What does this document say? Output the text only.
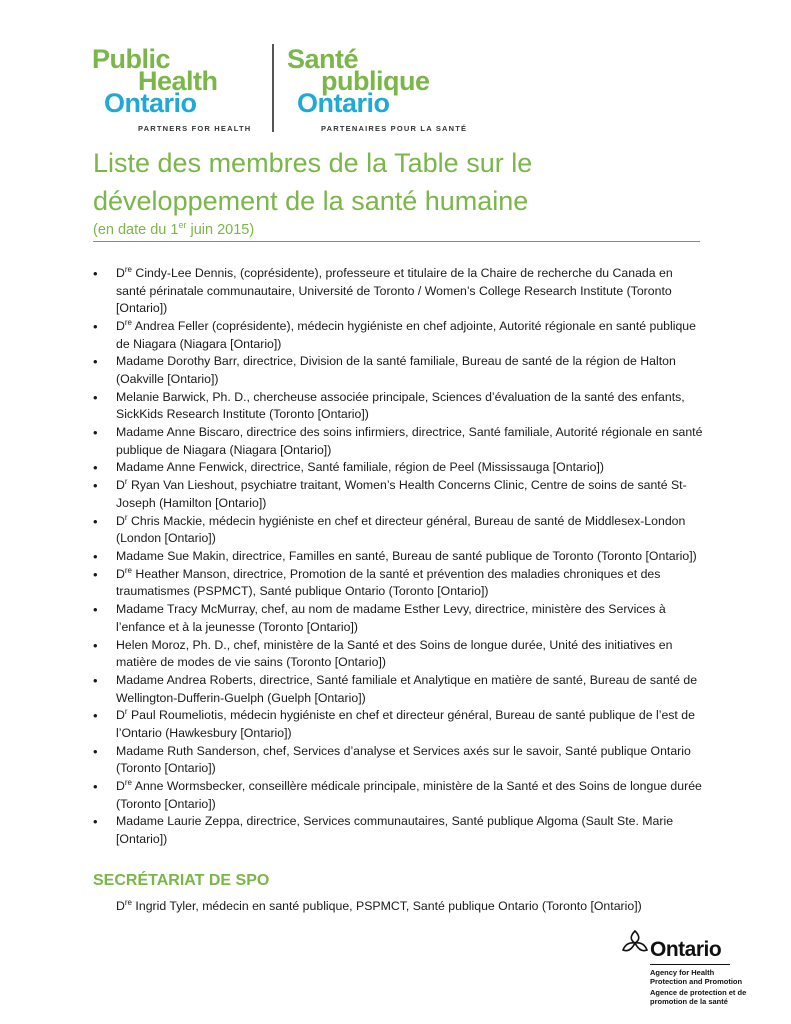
Public
Health
Ontario
PARTNERS FOR HEALTH
Santé
publique
Ontario
PARTENAIRES POUR LA SANTÉ
Liste des membres de la Table sur le développement de la santé humaine
(en date du 1er juin 2015)
• Dre Cindy-Lee Dennis, (coprésidente), professeure et titulaire de la Chaire de recherche du Canada en santé périnatale communautaire, Université de Toronto / Women’s College Research Institute (Toronto [Ontario])
• Dre Andrea Feller (coprésidente), médecin hygiéniste en chef adjointe, Autorité régionale en santé publique de Niagara (Niagara [Ontario])
• Madame Dorothy Barr, directrice, Division de la santé familiale, Bureau de santé de la région de Halton (Oakville [Ontario])
• Melanie Barwick, Ph. D., chercheuse associée principale, Sciences d’évaluation de la santé des enfants, SickKids Research Institute (Toronto [Ontario])
• Madame Anne Biscaro, directrice des soins infirmiers, directrice, Santé familiale, Autorité régionale en santé publique de Niagara (Niagara [Ontario])
• Madame Anne Fenwick, directrice, Santé familiale, région de Peel (Mississauga [Ontario])
• $D^r$ Ryan Van Lieshout, psychiatre traitant, Women’s Health Concerns Clinic, Centre de soins de santé St-Joseph (Hamilton [Ontario])
• $D^r$ Chris Mackie, médecin hygiéniste en chef et directeur général, Bureau de santé de Middlesex-London (London [Ontario])
• Madame Sue Makin, directrice, Familles en santé, Bureau de santé publique de Toronto (Toronto [Ontario])
• Dre Heather Manson, directrice, Promotion de la santé et prévention des maladies chroniques et des traumatismes (PSPMCT), Santé publique Ontario (Toronto [Ontario])
• Madame Tracy McMurray, chef, au nom de madame Esther Levy, directrice, ministère des Services à l’enfance et à la jeunesse (Toronto [Ontario])
• Helen Moroz, Ph. D., chef, ministère de la Santé et des Soins de longue durée, Unité des initiatives en matière de modes de vie sains (Toronto [Ontario])
• Madame Andrea Roberts, directrice, Santé familiale et Analytique en matière de santé, Bureau de santé de Wellington-Dufferin-Guelph (Guelph [Ontario])
• $D^r$ Paul Roumeliotis, médecin hygiéniste en chef et directeur général, Bureau de santé publique de l’est de l’Ontario (Hawkesbury [Ontario])
• Madame Ruth Sanderson, chef, Services d’analyse et Services axés sur le savoir, Santé publique Ontario (Toronto [Ontario])
• Dre Anne Wormsbecker, conseillère médicale principale, ministère de la Santé et des Soins de longue durée (Toronto [Ontario])
• Madame Laurie Zeppa, directrice, Services communautaires, Santé publique Algoma (Sault Ste. Marie [Ontario])
SECRÉTARIAT DE SPO
Dre Ingrid Tyler, médecin en santé publique, PSPMCT, Santé publique Ontario (Toronto [Ontario])
Ontario
Agency for Health Protection and Promotion
Agence de protection et de promotion de la santé
